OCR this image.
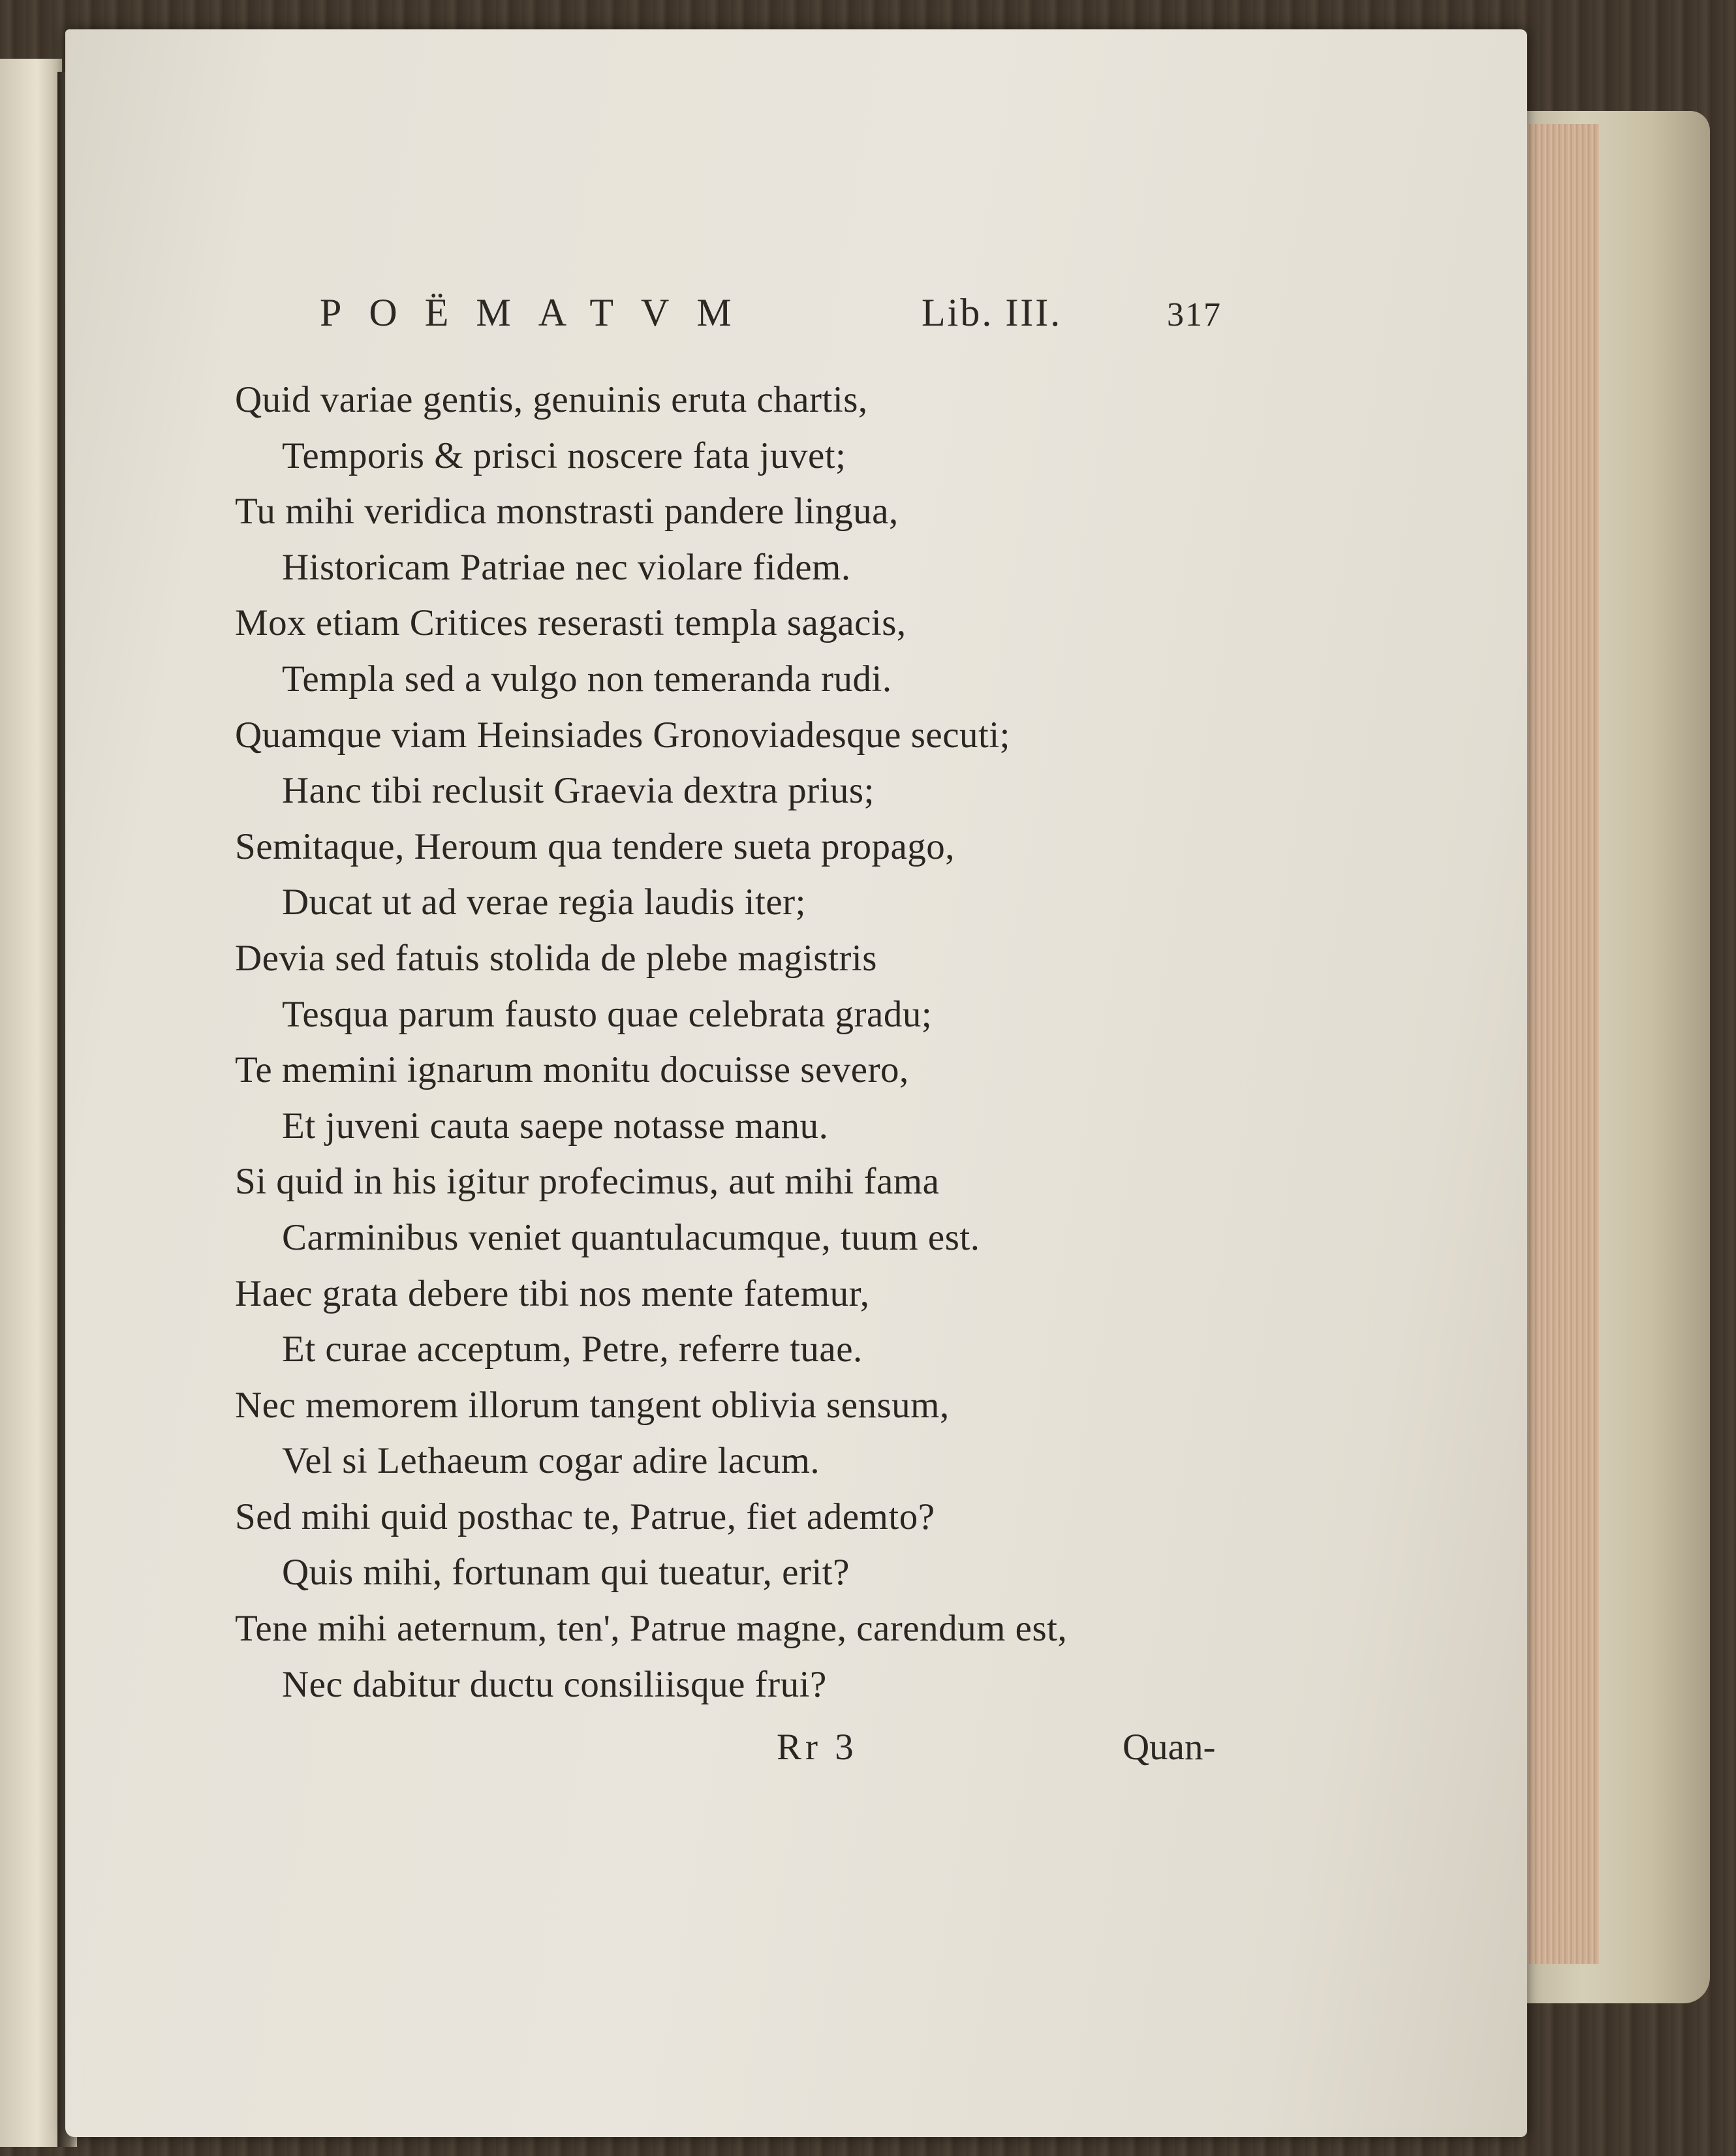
POËMATVM	Lib. III.	317
Quid variae gentis, genuinis eruta chartis,
Temporis & prisci noscere fata juvet;
Tu mihi veridica monstrasti pandere lingua,
Historicam Patriae nec violare fidem.
Mox etiam Critices reserasti templa sagacis,
Templa sed a vulgo non temeranda rudi.
Quamque viam Heinsiades Gronoviadesque secuti;
Hanc tibi reclusit Graevia dextra prius;
Semitaque, Heroum qua tendere sueta propago,
Ducat ut ad verae regia laudis iter;
Devia sed fatuis stolida de plebe magistris
Tesqua parum fausto quae celebrata gradu;
Te memini ignarum monitu docuisse severo,
Et juveni cauta saepe notasse manu.
Si quid in his igitur profecimus, aut mihi fama
Carminibus veniet quantulacumque, tuum est.
Haec grata debere tibi nos mente fatemur,
Et curae acceptum, Petre, referre tuae.
Nec memorem illorum tangent oblivia sensum,
Vel si Lethaeum cogar adire lacum.
Sed mihi quid posthac te, Patrue, fiet ademto?
Quis mihi, fortunam qui tueatur, erit?
Tene mihi aeternum, ten', Patrue magne, carendum est,
Nec dabitur ductu consiliisque frui?
Rr 3	Quan-
